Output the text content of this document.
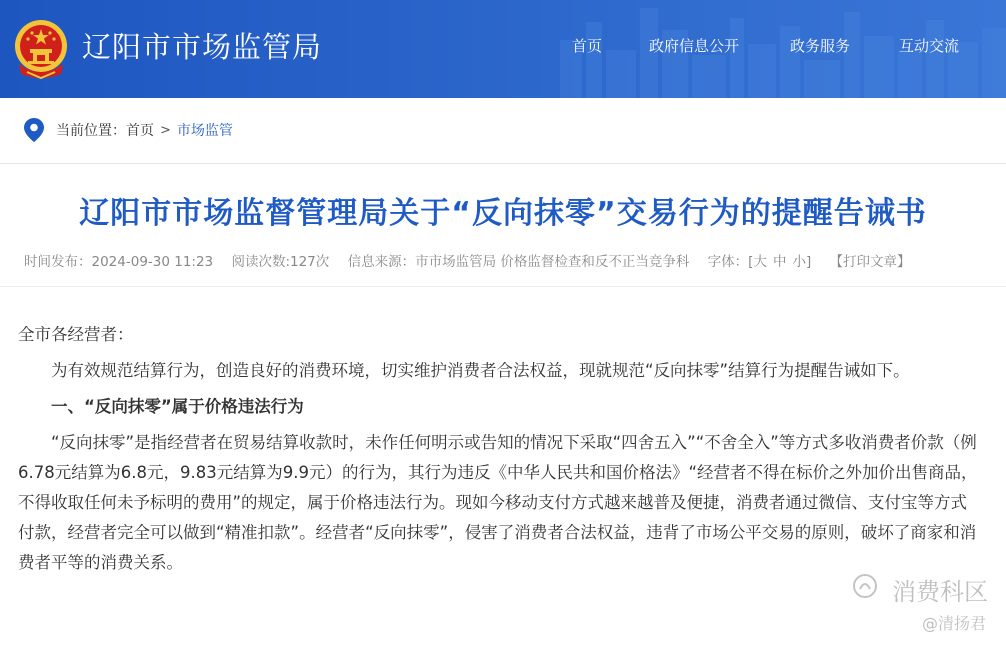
辽阳市市场监管局	首页	政府信息公开	政务服务	互动交流
当前位置： 首页 > 市场监管
辽阳市市场监督管理局关于“反向抹零”交易行为的提醒告诫书
时间发布：2024-09-30 11:23 阅读次数:127次 信息来源：市市场监管局 价格监督检查和反不正当竞争科 字体：[大 中 小] 【打印文章】

全市各经营者：

为有效规范结算行为，创造良好的消费环境，切实维护消费者合法权益，现就规范“反向抹零”结算行为提醒告诫如下。

一、“反向抹零”属于价格违法行为

“反向抹零”是指经营者在贸易结算收款时，未作任何明示或告知的情况下采取“四舍五入”“不舍全入”等方式多收消费者价款（例6.78元结算为6.8元，9.83元结算为9.9元）的行为，其行为违反《中华人民共和国价格法》“经营者不得在标价之外加价出售商品，不得收取任何未予标明的费用”的规定，属于价格违法行为。现如今移动支付方式越来越普及便捷，消费者通过微信、支付宝等方式付款，经营者完全可以做到“精准扣款”。经营者“反向抹零”，侵害了消费者合法权益，违背了市场公平交易的原则，破坏了商家和消费者平等的消费关系。

消费科区
@清扬君
